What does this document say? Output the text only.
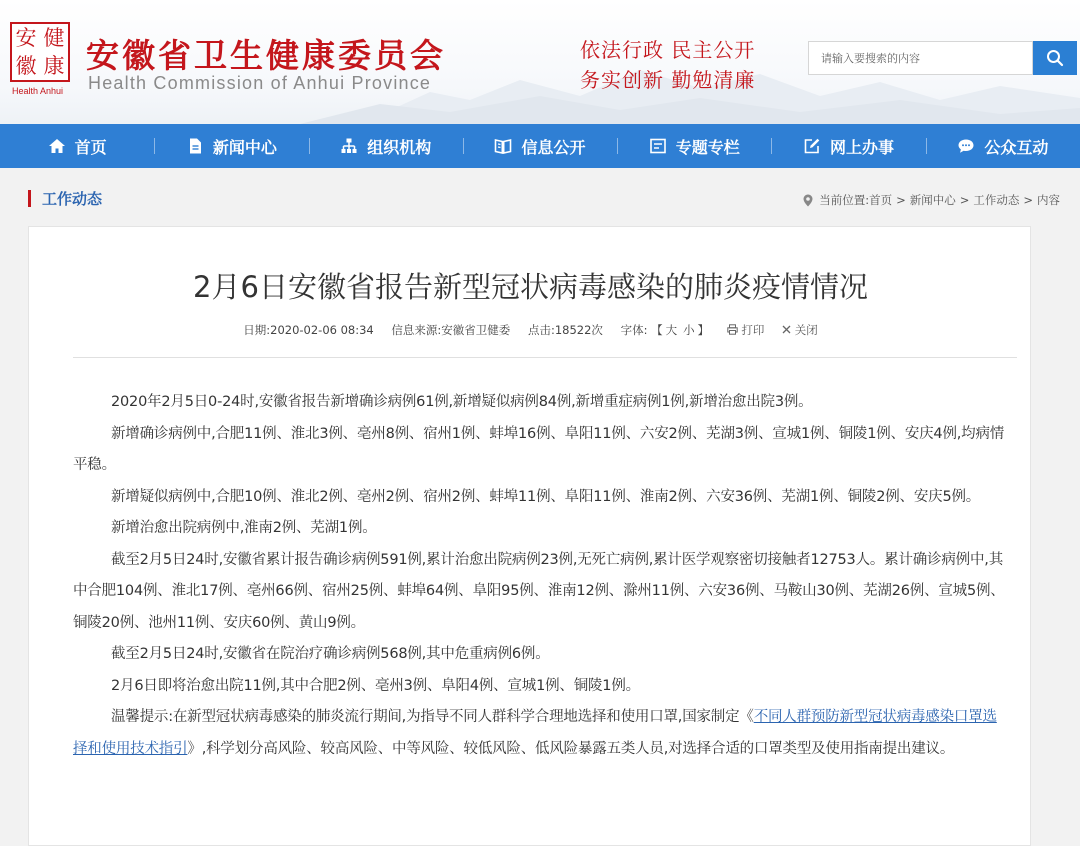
安 健
徽 康
Health Anhui
安徽省卫生健康委员会
Health Commission of Anhui Province
依法行政 民主公开
务实创新 勤勉清廉
请输入要搜索的内容
首页	新闻中心	组织机构	信息公开	专题专栏	网上办事	公众互动
工作动态	当前位置: 首页 > 新闻中心 > 工作动态 > 内容
2月6日安徽省报告新型冠状病毒感染的肺炎疫情情况
日期:2020-02-06 08:34 信息来源:安徽省卫健委 点击:18522次 字体: 【 大 小 】	打印	关闭

2020年2月5日0-24时,安徽省报告新增确诊病例61例,新增疑似病例84例,新增重症病例1例,新增治愈出院3例。

新增确诊病例中,合肥11例、淮北3例、亳州8例、宿州1例、蚌埠16例、阜阳11例、六安2例、芜湖3例、宣城1例、铜陵1例、安庆4例,均病情平稳。

新增疑似病例中,合肥10例、淮北2例、亳州2例、宿州2例、蚌埠11例、阜阳11例、淮南2例、六安36例、芜湖1例、铜陵2例、安庆5例。

新增治愈出院病例中,淮南2例、芜湖1例。

截至2月5日24时,安徽省累计报告确诊病例591例,累计治愈出院病例23例,无死亡病例,累计医学观察密切接触者12753人。累计确诊病例中,其中合肥104例、淮北17例、亳州66例、宿州25例、蚌埠64例、阜阳95例、淮南12例、滁州11例、六安36例、马鞍山30例、芜湖26例、宣城5例、铜陵20例、池州11例、安庆60例、黄山9例。

截至2月5日24时,安徽省在院治疗确诊病例568例,其中危重病例6例。

2月6日即将治愈出院11例,其中合肥2例、亳州3例、阜阳4例、宣城1例、铜陵1例。

温馨提示:在新型冠状病毒感染的肺炎流行期间,为指导不同人群科学合理地选择和使用口罩,国家制定《不同人群预防新型冠状病毒感染口罩选择和使用技术指引》,科学划分高风险、较高风险、中等风险、较低风险、低风险暴露五类人员,对选择合适的口罩类型及使用指南提出建议。
